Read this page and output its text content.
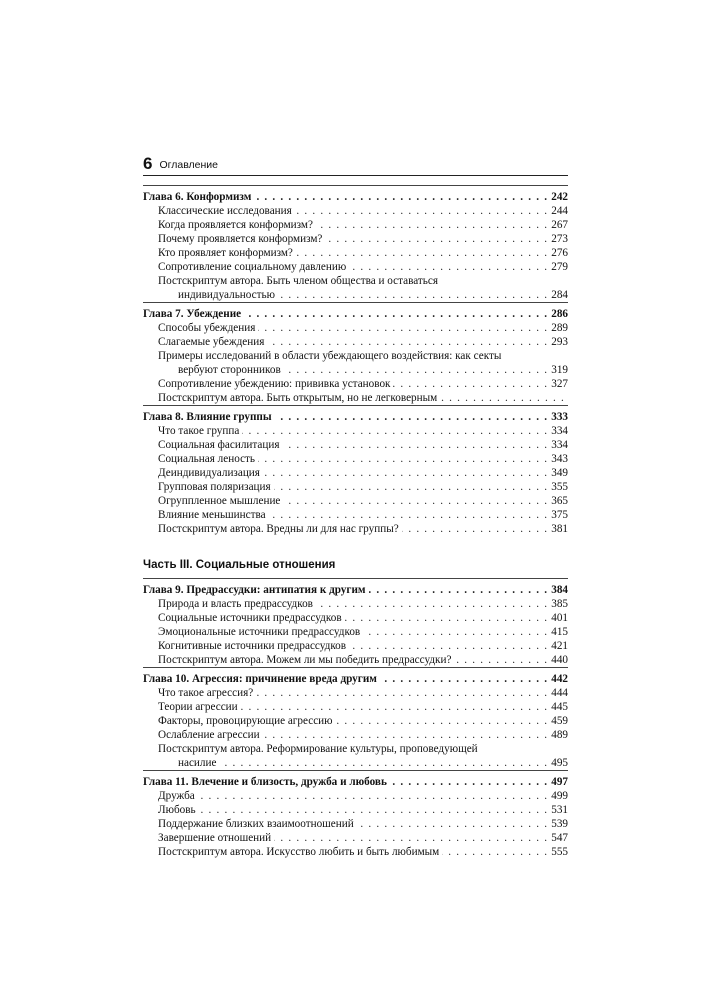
6 Оглавление
Глава 6. Конформизм . . .	242
Классические исследования . . .	244
Когда проявляется конформизм? . . .	267
Почему проявляется конформизм? . . .	273
Кто проявляет конформизм? . . .	276
Сопротивление социальному давлению . . .	279
Постскриптум автора. Быть членом общества и оставаться
индивидуальностью . . .	284
Глава 7. Убеждение . . .	286
Способы убеждения . . .	289
Слагаемые убеждения . . .	293
Примеры исследований в области убеждающего воздействия: как секты
вербуют сторонников . . .	319
Сопротивление убеждению: прививка установок . . .	327
Постскриптум автора. Быть открытым, но не легковерным
. . .
Глава 8. Влияние группы . . .	333
Что такое группа . . .	334
Социальная фасилитация . . .	334
Социальная леность . . .	343
Деиндивидуализация . . .	349
Групповая поляризация . . .	355
Огруппленное мышление . . .	365
Влияние меньшинства . . .	375
Постскриптум автора. Вредны ли для нас группы? . . .	381
Часть III. Социальные отношения
Глава 9. Предрассудки: антипатия к другим . . .	384
Природа и власть предрассудков . . .	385
Социальные источники предрассудков . . .	401
Эмоциональные источники предрассудков . . .	415
Когнитивные источники предрассудков . . .	421
Постскриптум автора. Можем ли мы победить предрассудки? . . .	440
Глава 10. Агрессия: причинение вреда другим . . .	442
Что такое агрессия? . . .	444
Теории агрессии . . .	445
Факторы, провоцирующие агрессию . . .	459
Ослабление агрессии . . .	489
Постскриптум автора. Реформирование культуры, проповедующей
насилие . . .	495
Глава 11. Влечение и близость, дружба и любовь . . .	497
Дружба . . .	499
Любовь . . .	531
Поддержание близких взаимоотношений . . .	539
Завершение отношений . . .	547
Постскриптум автора. Искусство любить и быть любимым . . .	555
